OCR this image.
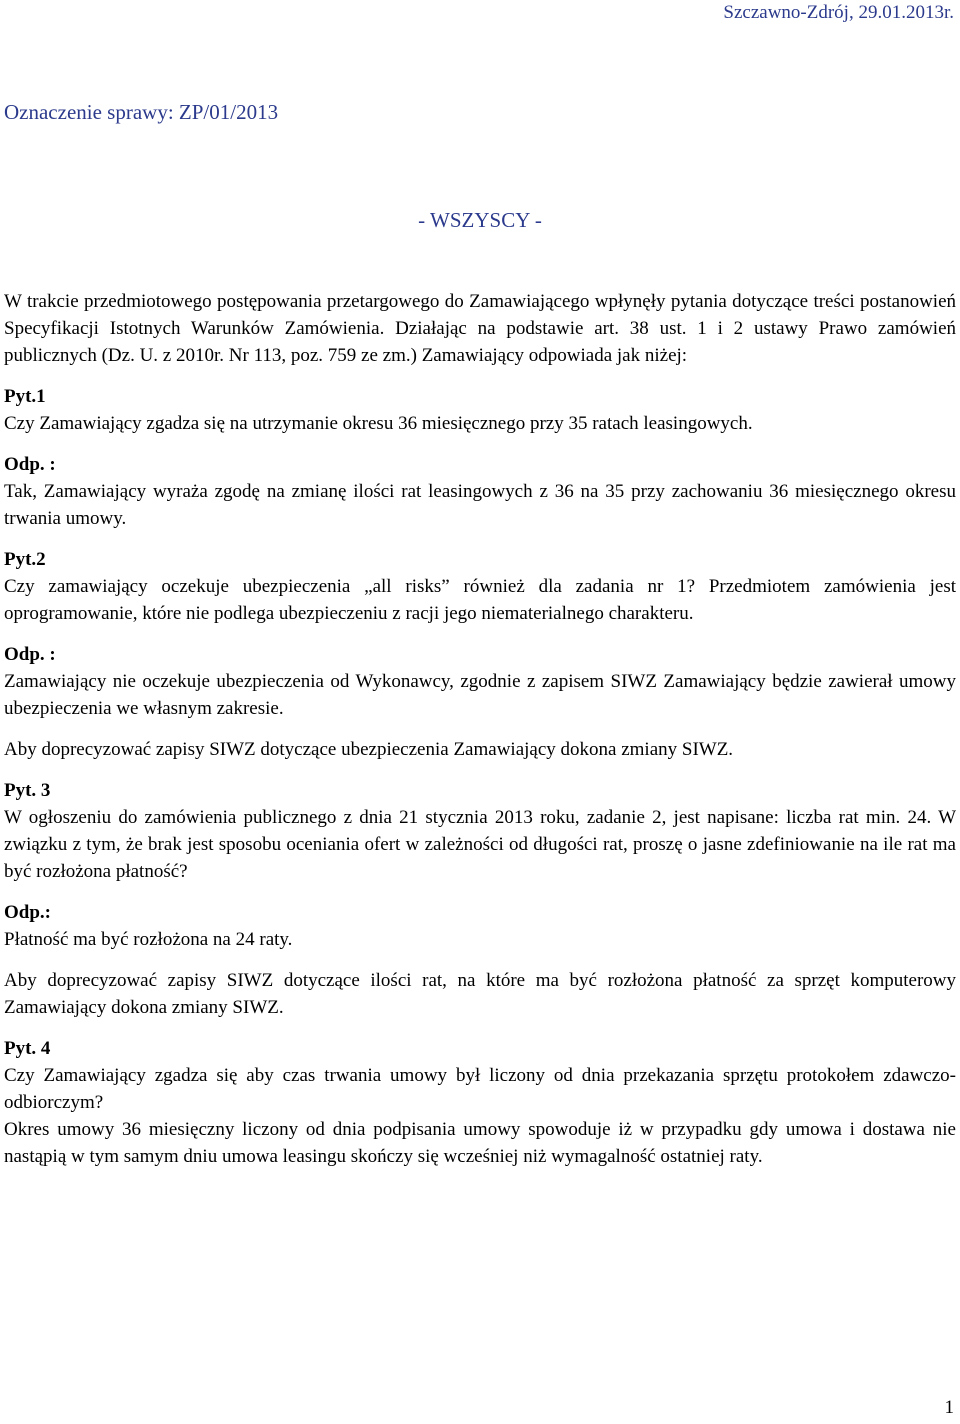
Szczawno-Zdrój, 29.01.2013r.
Oznaczenie sprawy: ZP/01/2013
- WSZYSCY -

W trakcie przedmiotowego postępowania przetargowego do Zamawiającego wpłynęły pytania dotyczące treści postanowień Specyfikacji Istotnych Warunków Zamówienia. Działając na podstawie art. 38 ust. 1 i 2 ustawy Prawo zamówień publicznych (Dz. U. z 2010r. Nr 113, poz. 759 ze zm.) Zamawiający odpowiada jak niżej:

Pyt.1

Czy Zamawiający zgadza się na utrzymanie okresu 36 miesięcznego przy 35 ratach leasingowych.

Odp. :

Tak, Zamawiający wyraża zgodę na zmianę ilości rat leasingowych z 36 na 35 przy zachowaniu 36 miesięcznego okresu trwania umowy.

Pyt.2

Czy zamawiający oczekuje ubezpieczenia „all risks” również dla zadania nr 1? Przedmiotem zamówienia jest oprogramowanie, które nie podlega ubezpieczeniu z racji jego niematerialnego charakteru.

Odp. :

Zamawiający nie oczekuje ubezpieczenia od Wykonawcy, zgodnie z zapisem SIWZ Zamawiający będzie zawierał umowy ubezpieczenia we własnym zakresie.

Aby doprecyzować zapisy SIWZ dotyczące ubezpieczenia Zamawiający dokona zmiany SIWZ.

Pyt. 3

W ogłoszeniu do zamówienia publicznego z dnia 21 stycznia 2013 roku, zadanie 2, jest napisane: liczba rat min. 24. W związku z tym, że brak jest sposobu oceniania ofert w zależności od długości rat, proszę o jasne zdefiniowanie na ile rat ma być rozłożona płatność?

Odp.:

Płatność ma być rozłożona na 24 raty.

Aby doprecyzować zapisy SIWZ dotyczące ilości rat, na które ma być rozłożona płatność za sprzęt komputerowy Zamawiający dokona zmiany SIWZ.

Pyt. 4

Czy Zamawiający zgadza się aby czas trwania umowy był liczony od dnia przekazania sprzętu protokołem zdawczo-odbiorczym?

Okres umowy 36 miesięczny liczony od dnia podpisania umowy spowoduje iż w przypadku gdy umowa i dostawa nie nastąpią w tym samym dniu umowa leasingu skończy się wcześniej niż wymagalność ostatniej raty.

1
